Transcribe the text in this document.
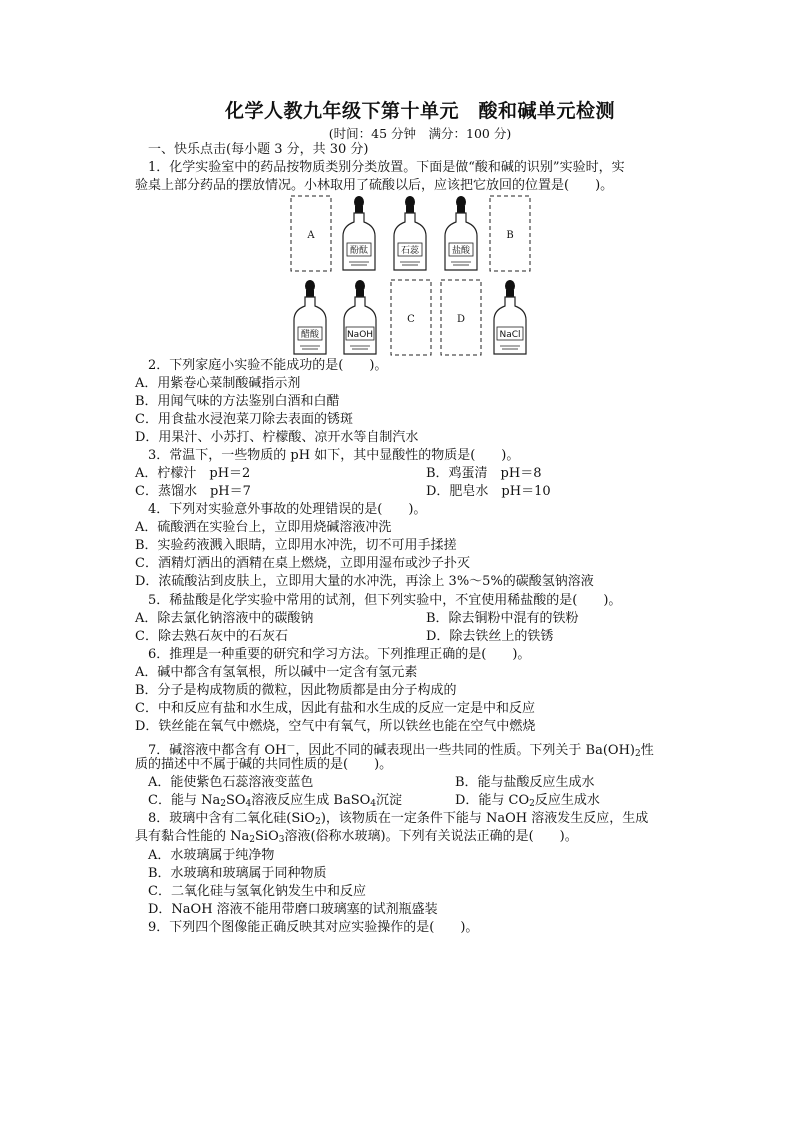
化学人教九年级下第十单元　酸和碱单元检测
(时间：45 分钟　满分：100 分)
一、快乐点击(每小题 3 分，共 30 分)
1．化学实验室中的药品按物质类别分类放置。下面是做“酸和碱的识别”实验时，实
验桌上部分药品的摆放情况。小林取用了硫酸以后，应该把它放回的位置是(　　)。
A
酚酞	石蕊	盐酸
B
醋酸	NaOH
C	D
NaCl
2．下列家庭小实验不能成功的是(　　)。
A．用紫卷心菜制酸碱指示剂
B．用闻气味的方法鉴别白酒和白醋
C．用食盐水浸泡菜刀除去表面的锈斑
D．用果汁、小苏打、柠檬酸、凉开水等自制汽水
3．常温下，一些物质的 pH 如下，其中显酸性的物质是(　　)。
A．柠檬汁　pH＝2	B．鸡蛋清　pH＝8
C．蒸馏水　pH＝7	D．肥皂水　pH＝10
4．下列对实验意外事故的处理错误的是(　　)。
A．硫酸洒在实验台上，立即用烧碱溶液冲洗
B．实验药液溅入眼睛，立即用水冲洗，切不可用手揉搓
C．酒精灯洒出的酒精在桌上燃烧，立即用湿布或沙子扑灭
D．浓硫酸沾到皮肤上，立即用大量的水冲洗，再涂上 3%～5%的碳酸氢钠溶液
5．稀盐酸是化学实验中常用的试剂，但下列实验中，不宜使用稀盐酸的是(　　)。
A．除去氯化钠溶液中的碳酸钠	B．除去铜粉中混有的铁粉
C．除去熟石灰中的石灰石	D．除去铁丝上的铁锈
6．推理是一种重要的研究和学习方法。下列推理正确的是(　　)。
A．碱中都含有氢氧根，所以碱中一定含有氢元素
B．分子是构成物质的微粒，因此物质都是由分子构成的
C．中和反应有盐和水生成，因此有盐和水生成的反应一定是中和反应
D．铁丝能在氧气中燃烧，空气中有氧气，所以铁丝也能在空气中燃烧
7．碱溶液中都含有 OH－，因此不同的碱表现出一些共同的性质。下列关于 $Ba(OH)_2$性
质的描述中不属于碱的共同性质的是(　　)。
A．能使紫色石蕊溶液变蓝色	B．能与盐酸反应生成水
C．能与 $Na_2SO_4$溶液反应生成 BaSO$_4$沉淀	D．能与 $CO_2$反应生成水
8．玻璃中含有二氧化硅(SiO$_2$)，该物质在一定条件下能与 NaOH 溶液发生反应，生成
具有黏合性能的 $Na_2SiO_3$溶液(俗称水玻璃)。下列有关说法正确的是(　　)。
A．水玻璃属于纯净物
B．水玻璃和玻璃属于同种物质
C．二氧化硅与氢氧化钠发生中和反应
D．NaOH 溶液不能用带磨口玻璃塞的试剂瓶盛装
9．下列四个图像能正确反映其对应实验操作的是(　　)。
